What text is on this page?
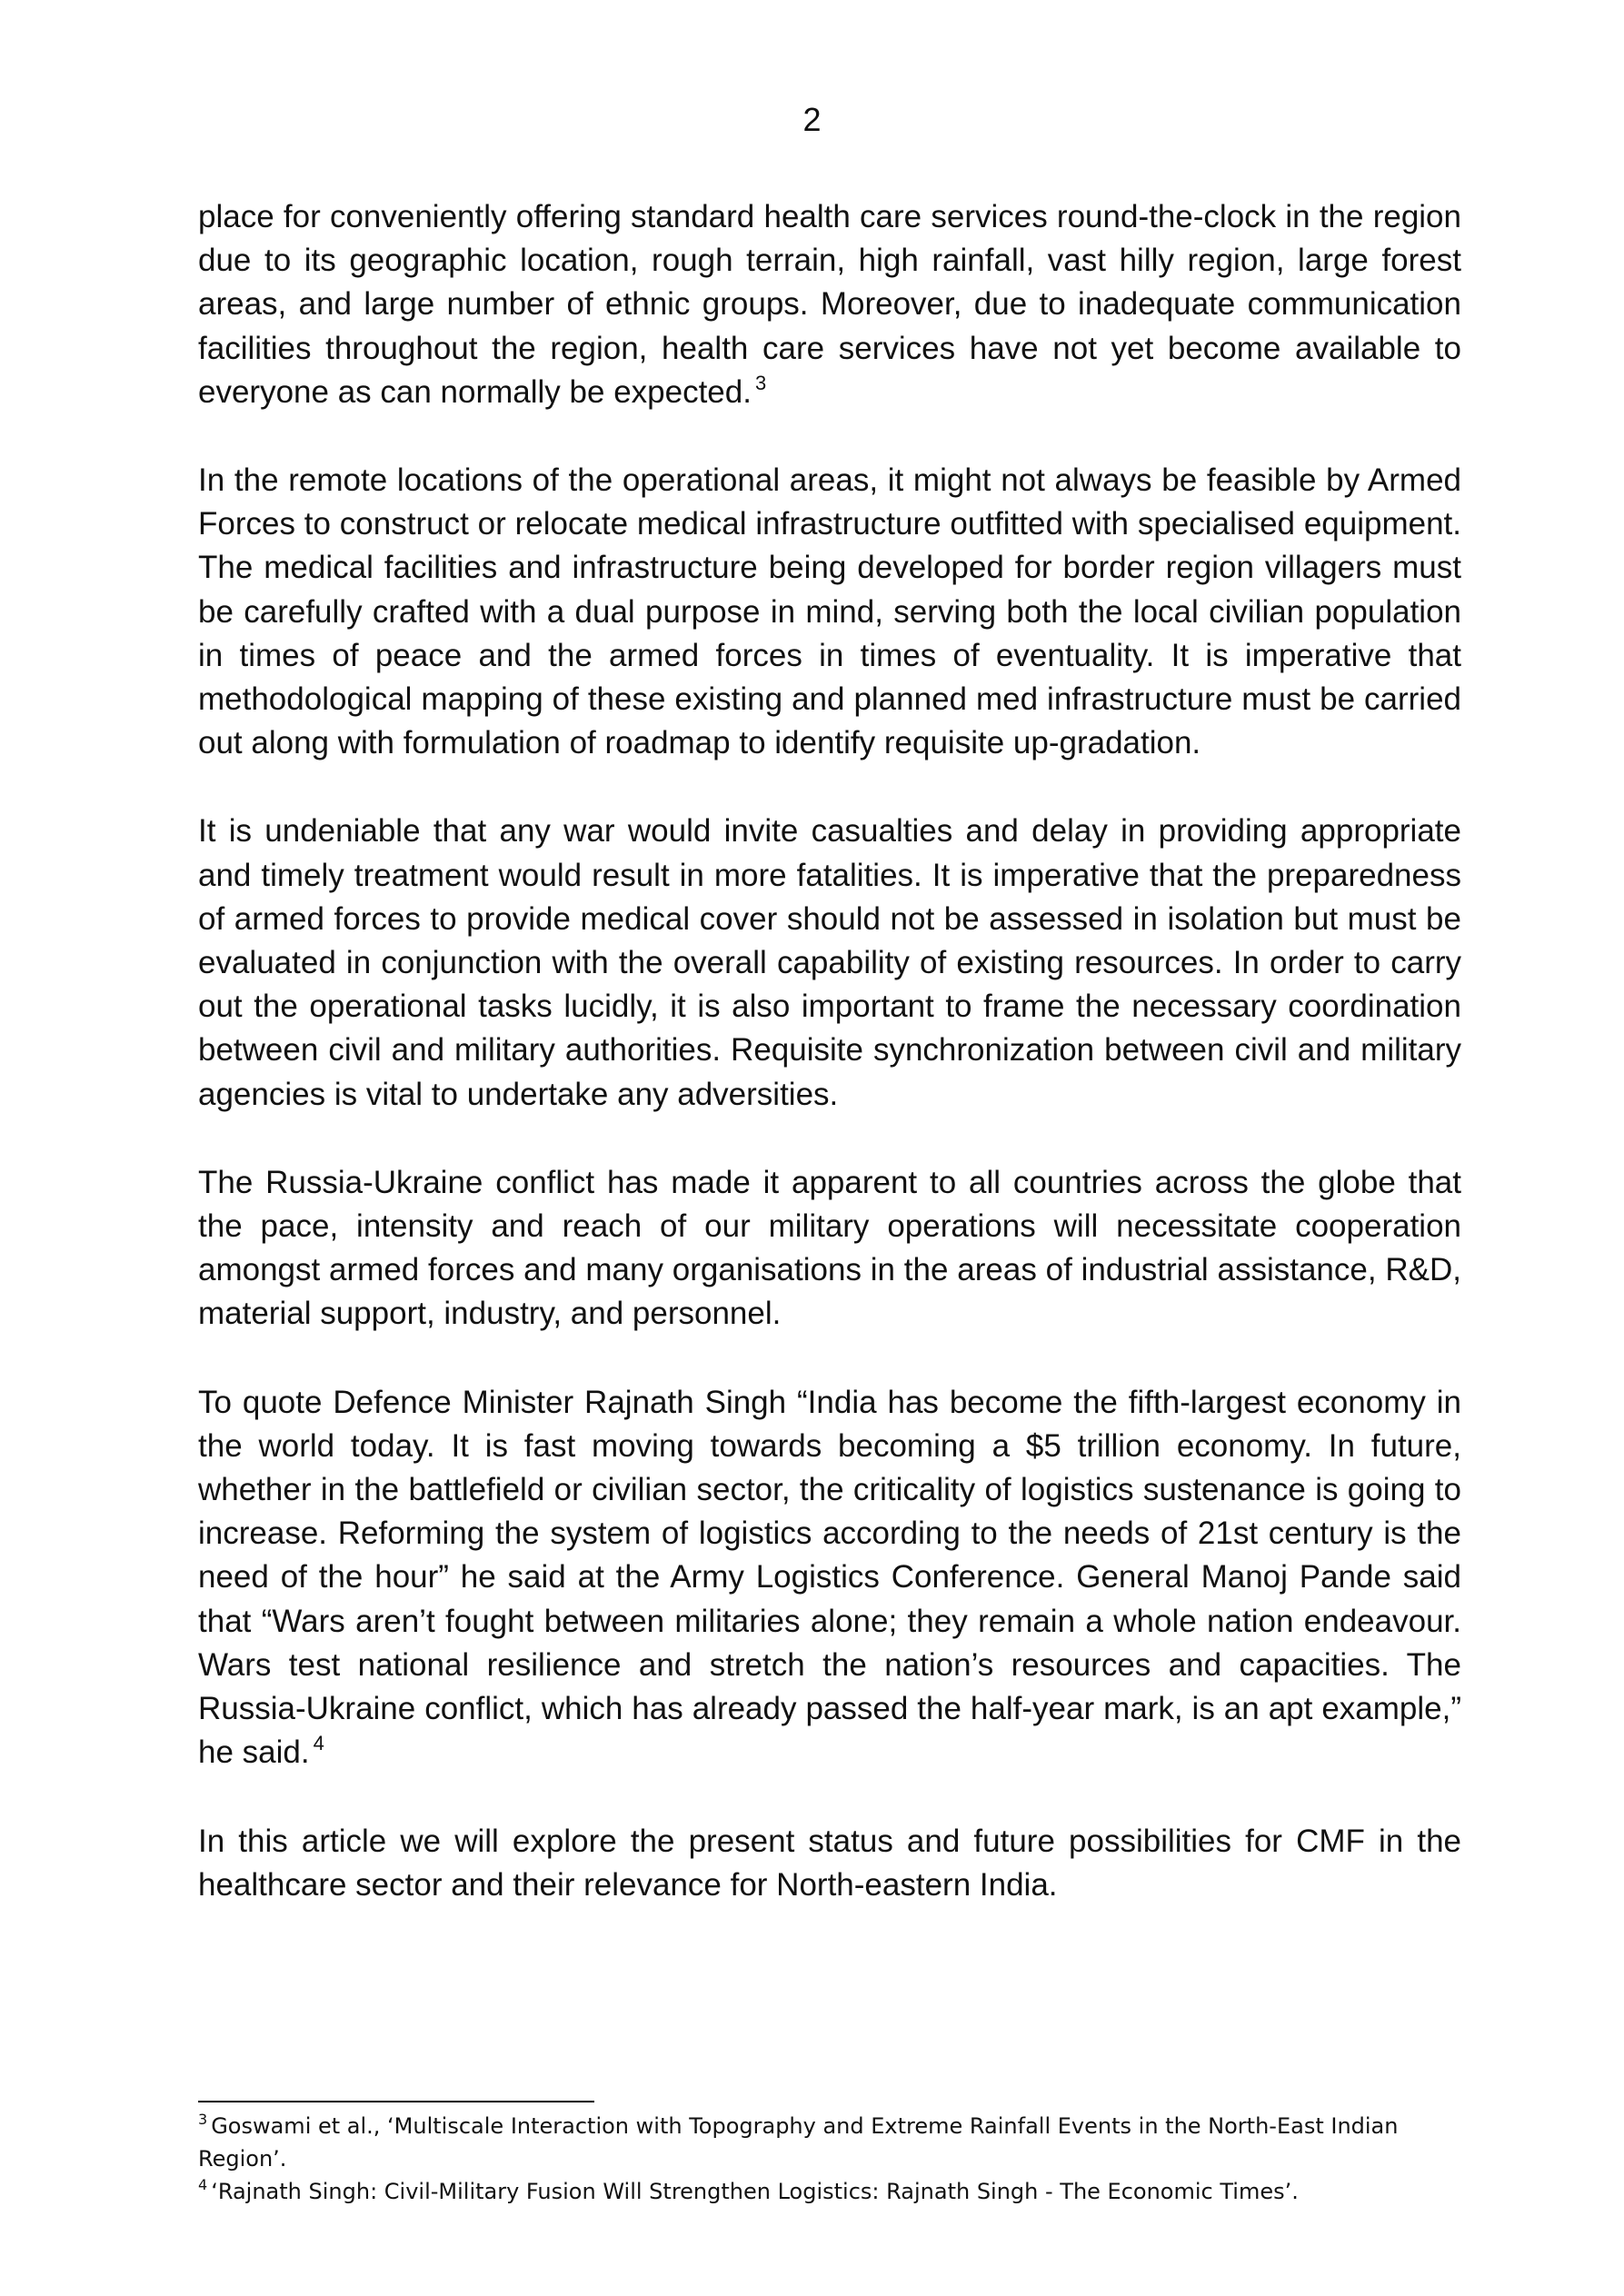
2

place for conveniently offering standard health care services round-the-clock in the region due to its geographic location, rough terrain, high rainfall, vast hilly region, large forest areas, and large number of ethnic groups. Moreover, due to inadequate communication facilities throughout the region, health care services have not yet become available to everyone as can normally be expected. $^3$

In the remote locations of the operational areas, it might not always be feasible by Armed Forces to construct or relocate medical infrastructure outfitted with specialised equipment. The medical facilities and infrastructure being developed for border region villagers must be carefully crafted with a dual purpose in mind, serving both the local civilian population in times of peace and the armed forces in times of eventuality. It is imperative that methodological mapping of these existing and planned med infrastructure must be carried out along with formulation of roadmap to identify requisite up-gradation.

It is undeniable that any war would invite casualties and delay in providing appropriate and timely treatment would result in more fatalities. It is imperative that the preparedness of armed forces to provide medical cover should not be assessed in isolation but must be evaluated in conjunction with the overall capability of existing resources. In order to carry out the operational tasks lucidly, it is also important to frame the necessary coordination between civil and military authorities. Requisite synchronization between civil and military agencies is vital to undertake any adversities.

The Russia-Ukraine conflict has made it apparent to all countries across the globe that the pace, intensity and reach of our military operations will necessitate cooperation amongst armed forces and many organisations in the areas of industrial assistance, R&D, material support, industry, and personnel.

To quote Defence Minister Rajnath Singh “India has become the fifth-largest economy in the world today. It is fast moving towards becoming a $5 trillion economy. In future, whether in the battlefield or civilian sector, the criticality of logistics sustenance is going to increase. Reforming the system of logistics according to the needs of 21st century is the need of the hour” he said at the Army Logistics Conference. General Manoj Pande said that “Wars aren’t fought between militaries alone; they remain a whole nation endeavour. Wars test national resilience and stretch the nation’s resources and capacities. The Russia-Ukraine conflict, which has already passed the half-year mark, is an apt example,” he said. $^4$

In this article we will explore the present status and future possibilities for CMF in the healthcare sector and their relevance for North-eastern India.

$^3$ Goswami et al., ‘Multiscale Interaction with Topography and Extreme Rainfall Events in the North-East Indian Region’.

$^4$ ‘Rajnath Singh: Civil-Military Fusion Will Strengthen Logistics: Rajnath Singh - The Economic Times’.
